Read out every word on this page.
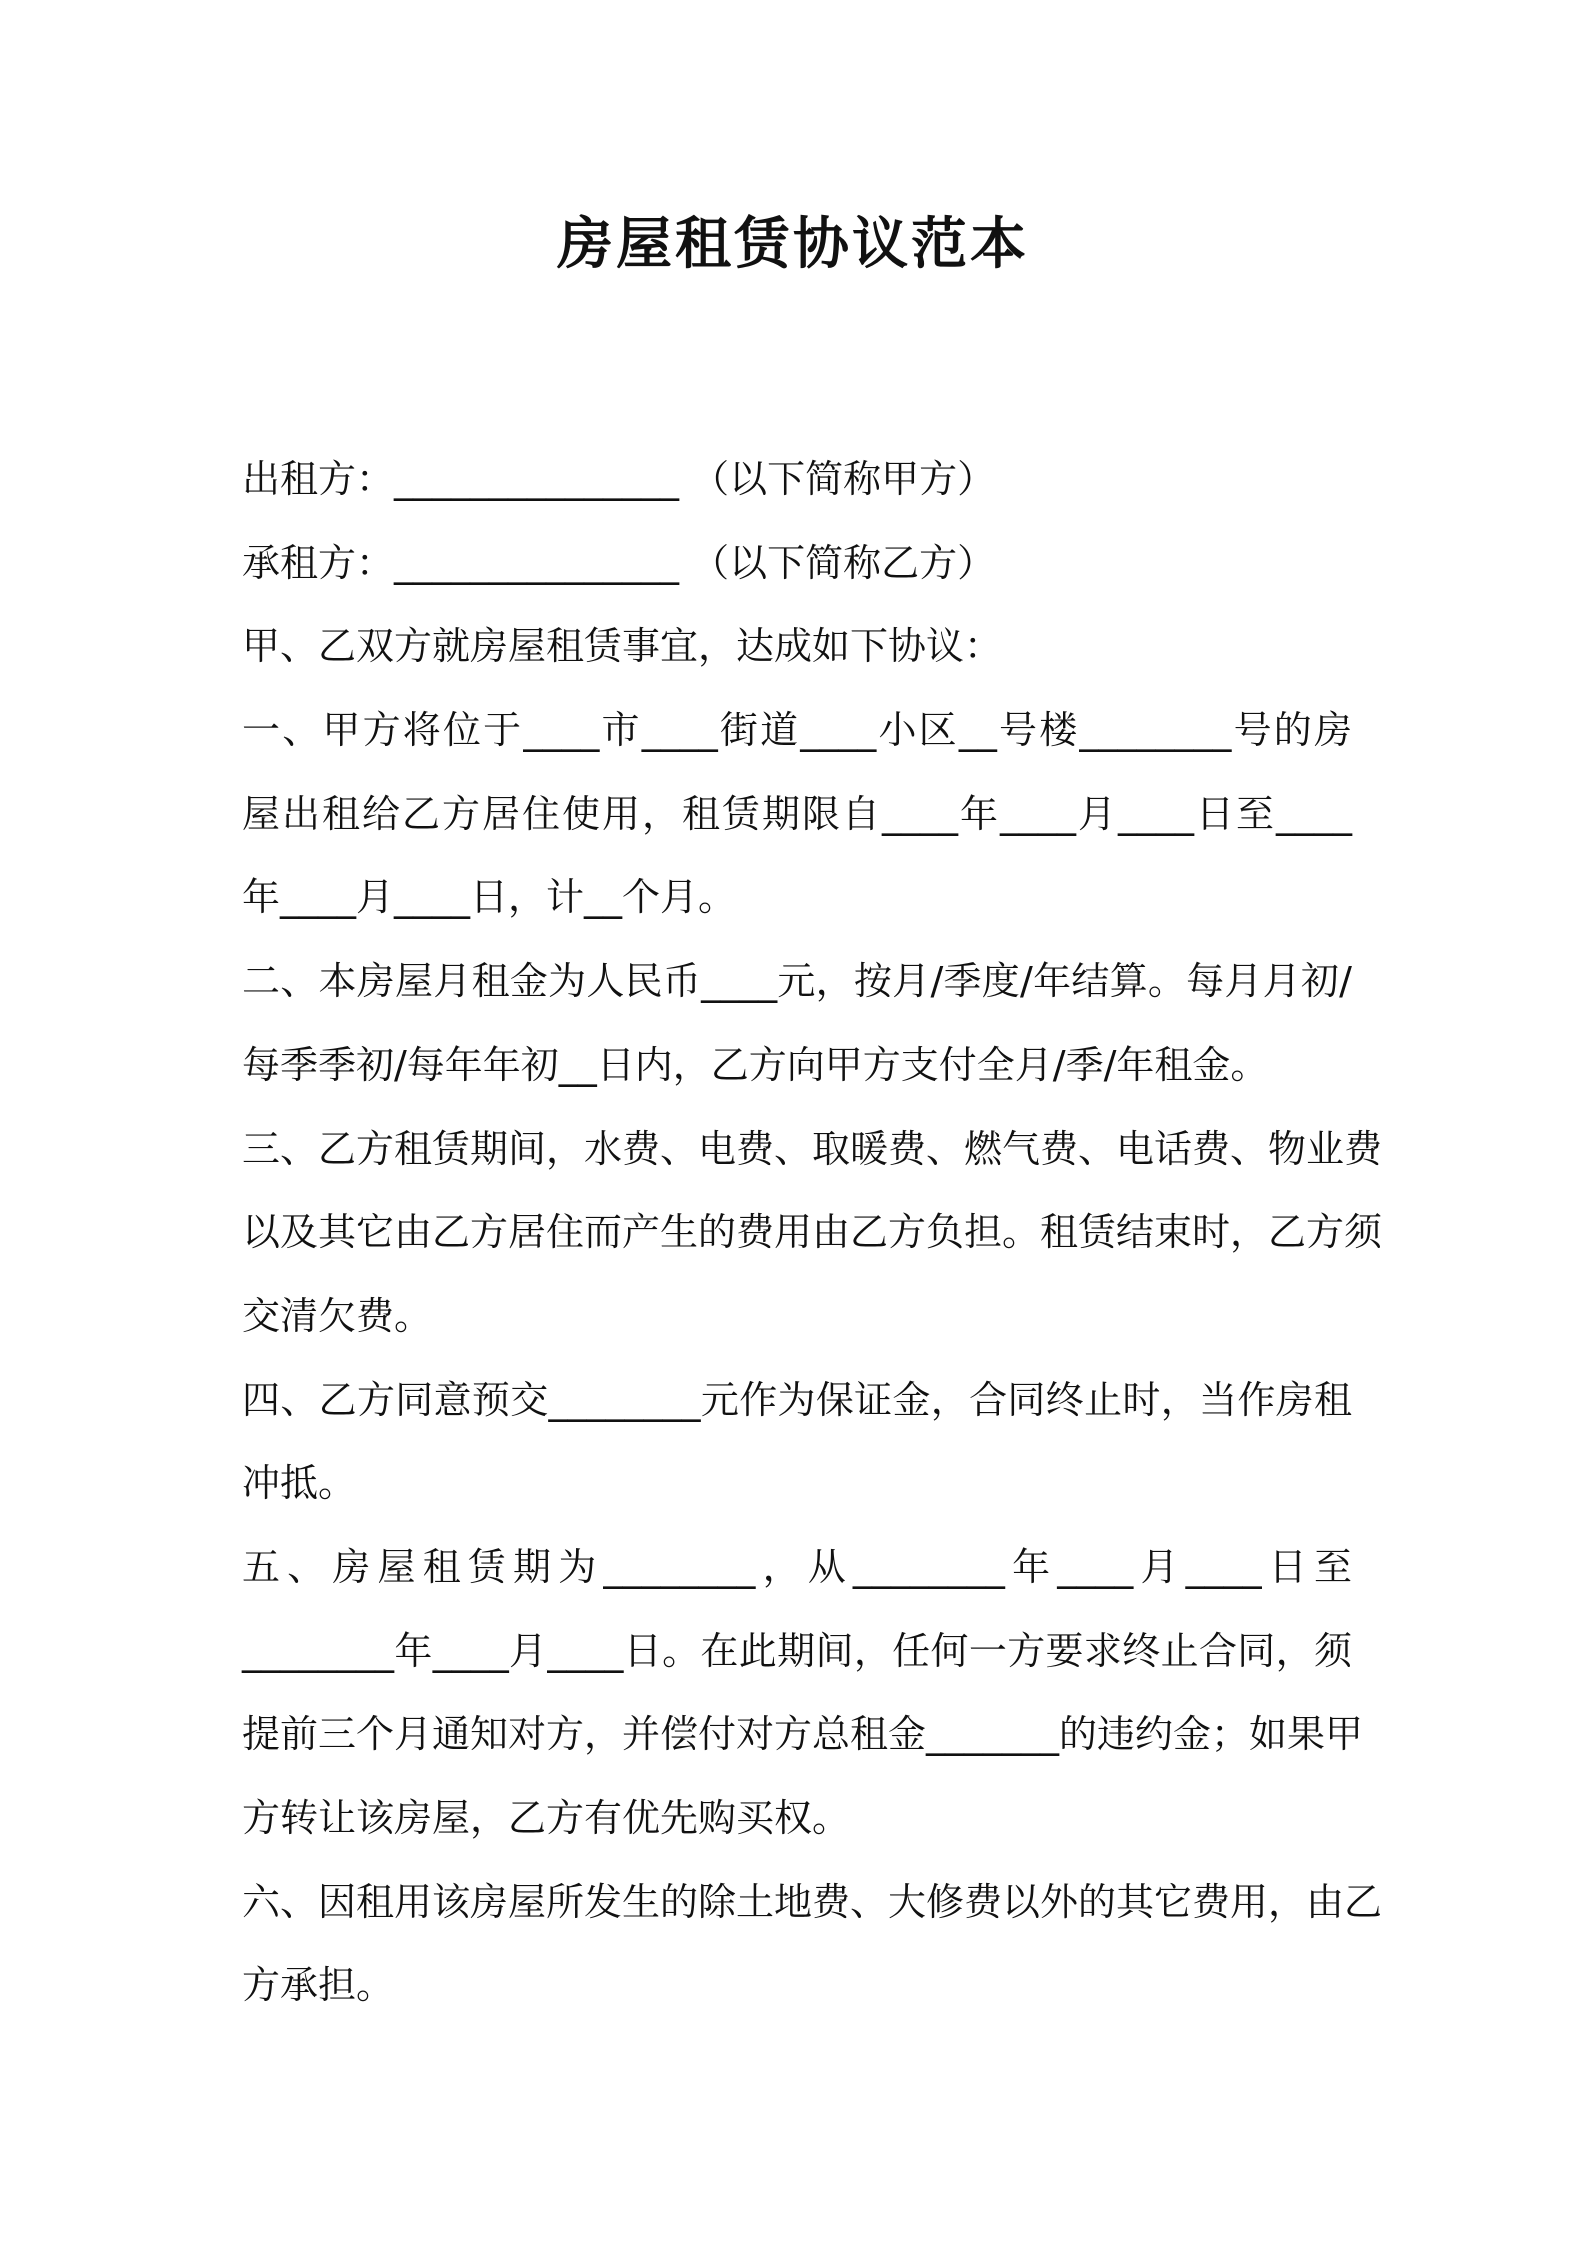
房屋租赁协议范本
出租方：_______________ （以下简称甲方）
承租方：_______________ （以下简称乙方）
甲、乙双方就房屋租赁事宜，达成如下协议：
一、甲方将位于____市____街道____小区__号楼________号的房
屋出租给乙方居住使用，租赁期限自____年____月____日至____
年____月____日，计__个月。
二、本房屋月租金为人民币____元，按月/季度/年结算。每月月初/
每季季初/每年年初__日内，乙方向甲方支付全月/季/年租金。
三、乙方租赁期间，水费、电费、取暖费、燃气费、电话费、物业费
以及其它由乙方居住而产生的费用由乙方负担。租赁结束时，乙方须
交清欠费。
四、乙方同意预交________元作为保证金，合同终止时，当作房租
冲抵。
五、房屋租赁期为________，从________年____月____日至
________年____月____日。在此期间，任何一方要求终止合同，须
提前三个月通知对方，并偿付对方总租金_______的违约金；如果甲
方转让该房屋，乙方有优先购买权。
六、因租用该房屋所发生的除土地费、大修费以外的其它费用，由乙
方承担。
